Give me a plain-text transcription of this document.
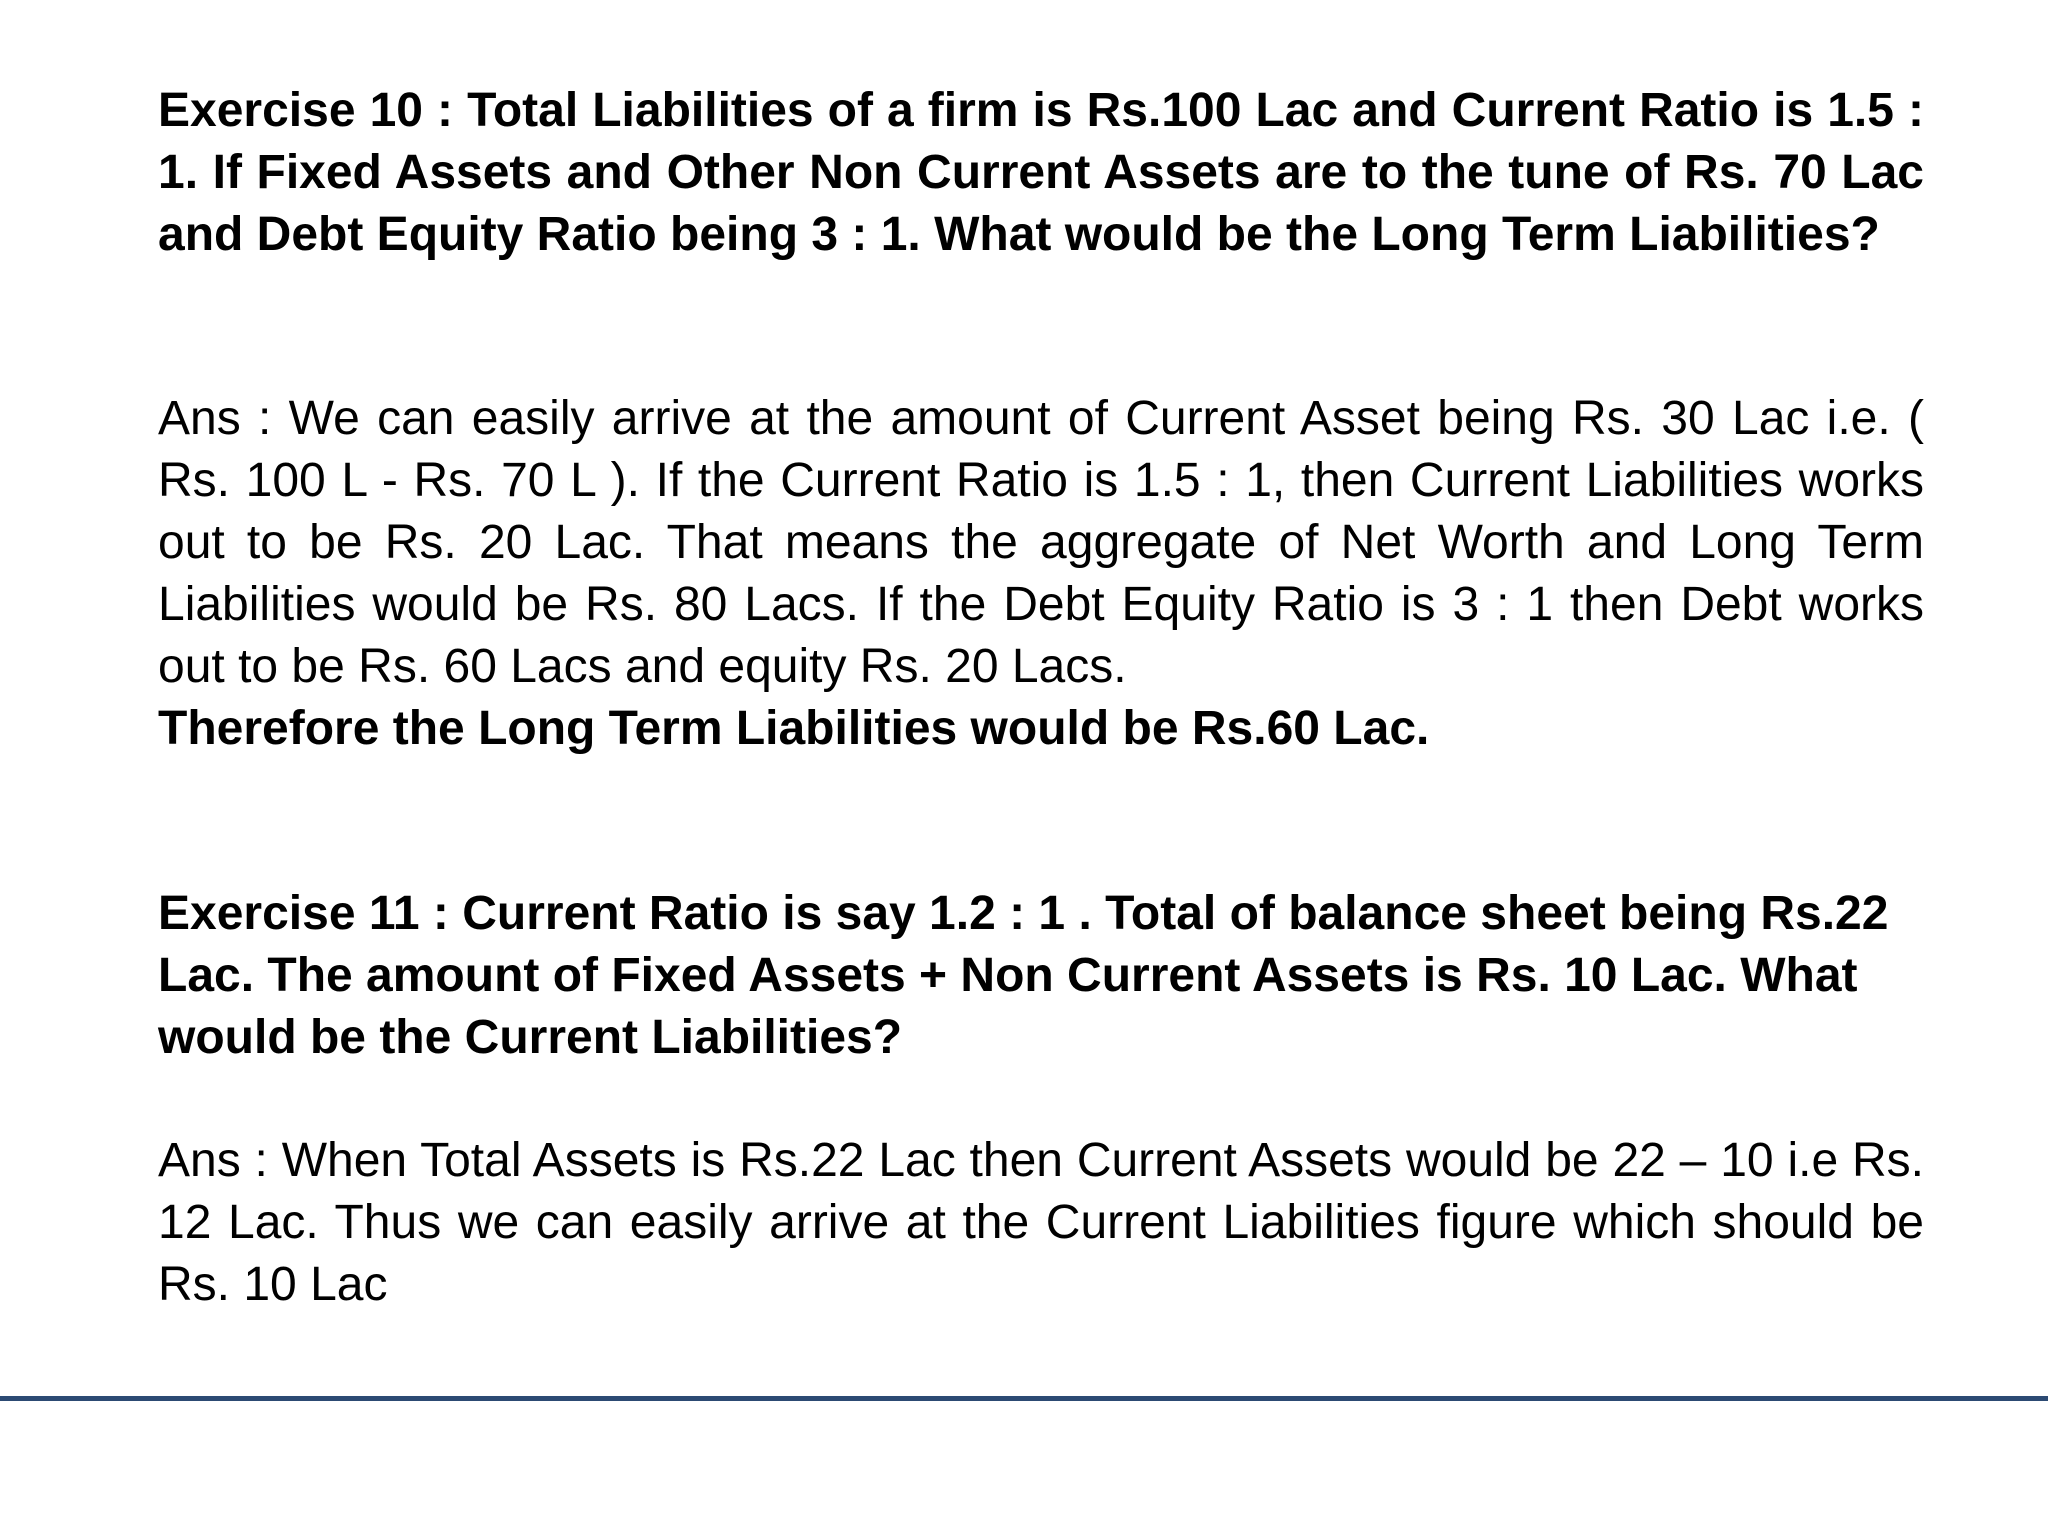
Exercise 10 : Total Liabilities of a firm is Rs.100 Lac and Current Ratio is 1.5 : 1. If Fixed Assets and Other Non Current Assets are to the tune of Rs. 70 Lac and Debt Equity Ratio being 3 : 1. What would be the Long Term Liabilities?

Ans : We can easily arrive at the amount of Current Asset being Rs. 30 Lac i.e. ( Rs. 100 L - Rs. 70 L ). If the Current Ratio is 1.5 : 1, then Current Liabilities works out to be Rs. 20 Lac. That means the aggregate of Net Worth and Long Term Liabilities would be Rs. 80 Lacs. If the Debt Equity Ratio is 3 : 1 then Debt works out to be Rs. 60 Lacs and equity Rs. 20 Lacs.
Therefore the Long Term Liabilities would be Rs.60 Lac.

Exercise 11 : Current Ratio is say 1.2 : 1 . Total of balance sheet being Rs.22 Lac. The amount of Fixed Assets + Non Current Assets is Rs. 10 Lac. What would be the Current Liabilities?

Ans : When Total Assets is Rs.22 Lac then Current Assets would be 22 – 10 i.e Rs. 12 Lac. Thus we can easily arrive at the Current Liabilities figure which should be Rs. 10 Lac
